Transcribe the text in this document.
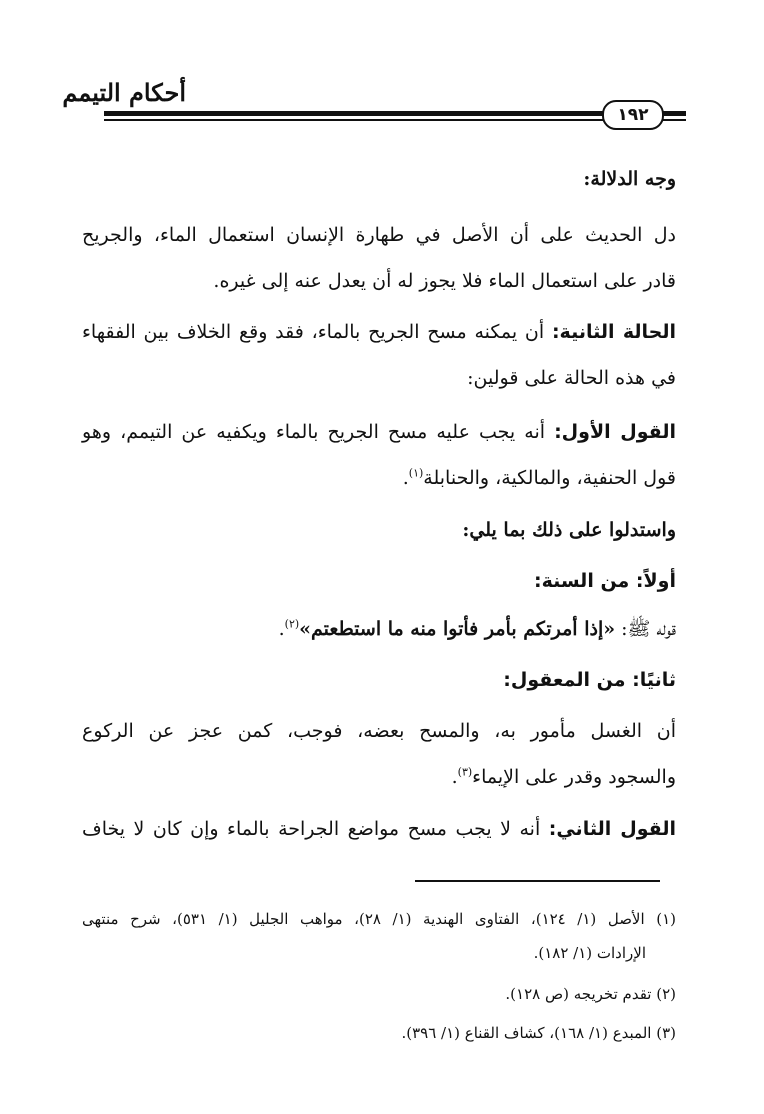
أحكام التيمم
١٩٢
وجه الدلالة:
دل الحديث على أن الأصل في طهارة الإنسان استعمال الماء، والجريح
قادر على استعمال الماء فلا يجوز له أن يعدل عنه إلى غيره.
الحالة الثانية: أن يمكنه مسح الجريح بالماء، فقد وقع الخلاف بين الفقهاء
في هذه الحالة على قولين:
القول الأول: أنه يجب عليه مسح الجريح بالماء ويكفيه عن التيمم، وهو
قول الحنفية، والمالكية، والحنابلة$^{(١)}$.
واستدلوا على ذلك بما يلي:
أولاً: من السنة:
قوله ﷺ: «إذا أمرتكم بأمر فأتوا منه ما استطعتم»$^{(٢)}$.
ثانيًا: من المعقول:
أن الغسل مأمور به، والمسح بعضه، فوجب، كمن عجز عن الركوع
والسجود وقدر على الإيماء$^{(٣)}$.
القول الثاني: أنه لا يجب مسح مواضع الجراحة بالماء وإن كان لا يخاف
(١) الأصل (١/ ١٢٤)، الفتاوى الهندية (١/ ٢٨)، مواهب الجليل (١/ ٥٣١)، شرح منتهى
الإرادات (١/ ١٨٢).
(٢) تقدم تخريجه (ص ١٢٨).
(٣) المبدع (١/ ١٦٨)، كشاف القناع (١/ ٣٩٦).
